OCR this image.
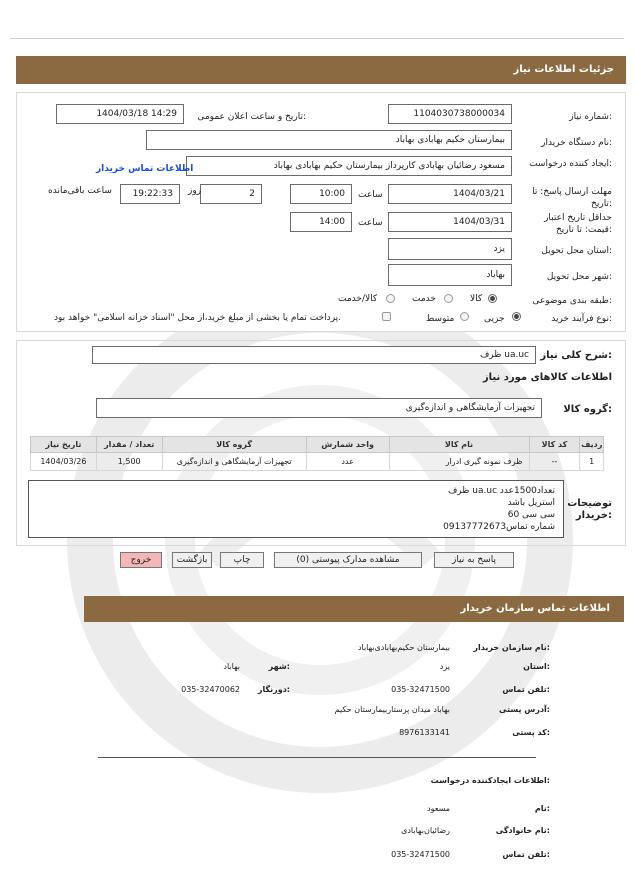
جزئیات اطلاعات نیاز
شماره نیاز:
1104030738000034
تاریخ و ساعت اعلان عمومی:
1404/03/18 14:29
نام دستگاه خریدار:
بیمارستان حکیم بهابادی بهاباد
ایجاد کننده درخواست:
مسعود رضائیان بهابادی کارپرداز بیمارستان حکیم بهابادی بهاباد
اطلاعات تماس خریدار
مهلت ارسال پاسخ: تا تاریخ:
1404/03/21
ساعت
10:00
2
روز
19:22:33
ساعت باقی‌مانده
حداقل تاریخ اعتبار قیمت: تا تاریخ:
1404/03/31
ساعت
14:00
استان محل تحویل:
یزد
شهر محل تحویل:
بهاباد
طبقه بندی موضوعی:
کالا
خدمت
کالا/خدمت
نوع فرآیند خرید:
جزیی
متوسط
پرداخت تمام یا بخشی از مبلغ خرید،از محل "اسناد خزانه اسلامی" خواهد بود.
شرح کلی نیاز:
ظرف ua.uc
اطلاعات کالاهای مورد نیاز
گروه کالا:
تجهیزات آزمایشگاهی و اندازه‌گیری
ردیف	کد کالا	نام کالا	واحد شمارش	گروه کالا	تعداد / مقدار	تاریخ نیاز
1	--	ظرف نمونه گیری ادرار	عدد	تجهیزات آزمایشگاهی و اندازه‌گیری	1,500	1404/03/26
توضیحات خریدار:
ظرف ua.uc تعداد1500عدد
استریل باشد
60 سی سی
شماره تماس09137772673
پاسخ به نیاز
مشاهده مدارک پیوستی (0)
چاپ
بازگشت
خروج
اطلاعات تماس سازمان خریدار
نام سازمان خریدار:
بیمارستان حکیم‌بهابادی‌بهاباد
استان:
یزد
شهر:
بهاباد
تلفن تماس:
035-32471500
دورنگار:
035-32470062
آدرس پستی:
بهاباد میدان پرستاربیمارستان حکیم
کد پستی:
8976133141
اطلاعات ایجادکننده درخواست:
نام:
مسعود
نام خانوادگی:
رضائیان‌بهابادی
تلفن تماس:
035-32471500
